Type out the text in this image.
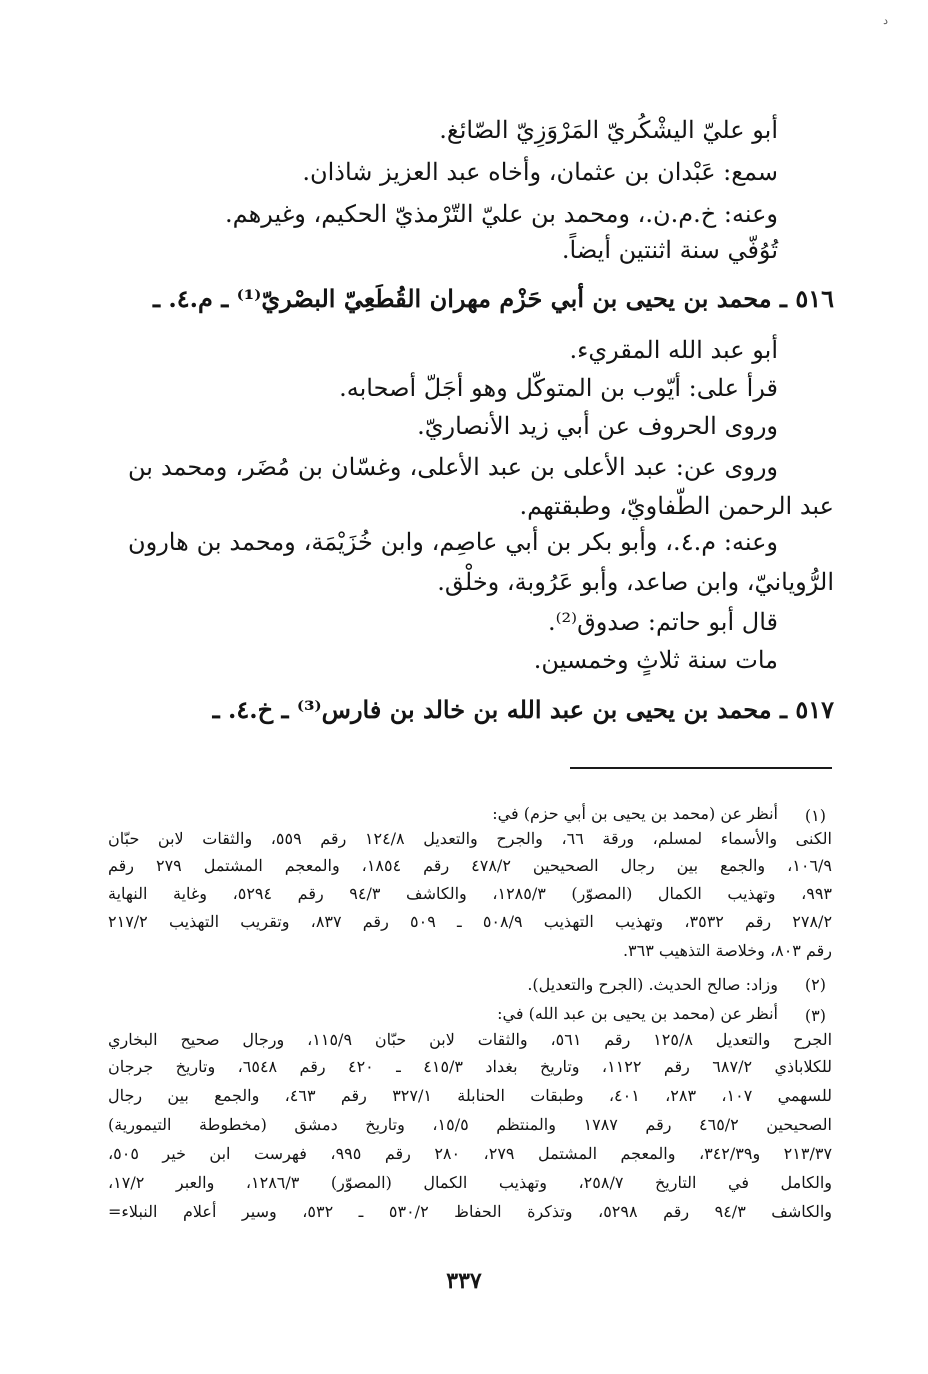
د
أبو عليّ اليشْكُريّ المَرْوَزِيّ الصّائغ.
سمع: عَبْدان بن عثمان، وأخاه عبد العزيز شاذان.
وعنه: خ.م.ن.، ومحمد بن عليّ التّرْمذيّ الحكيم، وغيرهم.
تُوُفّي سنة اثنتين أيضاً.
٥١٦ ـ محمد بن يحيى بن أبي حَزْم مهران القُطَعِيّ البصْريّ⁽¹⁾ ـ م.٤. ـ
أبو عبد الله المقريء.
قرأ على: أيّوب بن المتوكّل وهو أجَلّ أصحابه.
وروى الحروف عن أبي زيد الأنصاريّ.
وروى عن: عبد الأعلى بن عبد الأعلى، وغسّان بن مُضَر، ومحمد بن
عبد الرحمن الطّفاويّ، وطبقتهم.
وعنه: م.٤.، وأبو بكر بن أبي عاصِم، وابن خُزَيْمَة، ومحمد بن هارون
الرُّويانيّ، وابن صاعد، وأبو عَرُوبة، وخلْق.
قال أبو حاتم: صدوق⁽²⁾.
مات سنة ثلاثٍ وخمسين.
٥١٧ ـ محمد بن يحيى بن عبد الله بن خالد بن فارس⁽³⁾ ـ خ.٤. ـ
(١)
(٢)
(٣)
أنظر عن (محمد بن يحيى بن أبي حزم) في:
الكنى والأسماء لمسلم، ورقة ٦٦، والجرح والتعديل ١٢٤/٨ رقم ٥٥٩، والثقات لابن حبّان
١٠٦/٩، والجمع بين رجال الصحيحين ٤٧٨/٢ رقم ١٨٥٤، والمعجم المشتمل ٢٧٩ رقم
٩٩٣، وتهذيب الكمال (المصوّر) ١٢٨٥/٣، والكاشف ٩٤/٣ رقم ٥٢٩٤، وغاية النهاية
٢٧٨/٢ رقم ٣٥٣٢، وتهذيب التهذيب ٥٠٨/٩ ـ ٥٠٩ رقم ٨٣٧، وتقريب التهذيب ٢١٧/٢
رقم ٨٠٣، وخلاصة التذهيب ٣٦٣.
وزاد: صالح الحديث. (الجرح والتعديل).
أنظر عن (محمد بن يحيى بن عبد الله) في:
الجرح والتعديل ١٢٥/٨ رقم ٥٦١، والثقات لابن حبّان ١١٥/٩، ورجال صحيح البخاري
للكلاباذي ٦٨٧/٢ رقم ١١٢٢، وتاريخ بغداد ٤١٥/٣ ـ ٤٢٠ رقم ٦٥٤٨، وتاريخ جرجان
للسهمي ١٠٧، ٢٨٣، ٤٠١، وطبقات الحنابلة ٣٢٧/١ رقم ٤٦٣، والجمع بين رجال
الصحيحين ٤٦٥/٢ رقم ١٧٨٧ والمنتظم ١٥/٥، وتاريخ دمشق (مخطوطة التيمورية)
٢١٣/٣٧ و٣٤٢/٣٩، والمعجم المشتمل ٢٧٩، ٢٨٠ رقم ٩٩٥، فهرست ابن خير ٥٠٥،
والكامل في التاريخ ٢٥٨/٧، وتهذيب الكمال (المصوّر) ١٢٨٦/٣، والعبر ١٧/٢،
والكاشف ٩٤/٣ رقم ٥٢٩٨، وتذكرة الحفاظ ٥٣٠/٢ ـ ٥٣٢، وسير أعلام النبلاء=
٣٣٧
